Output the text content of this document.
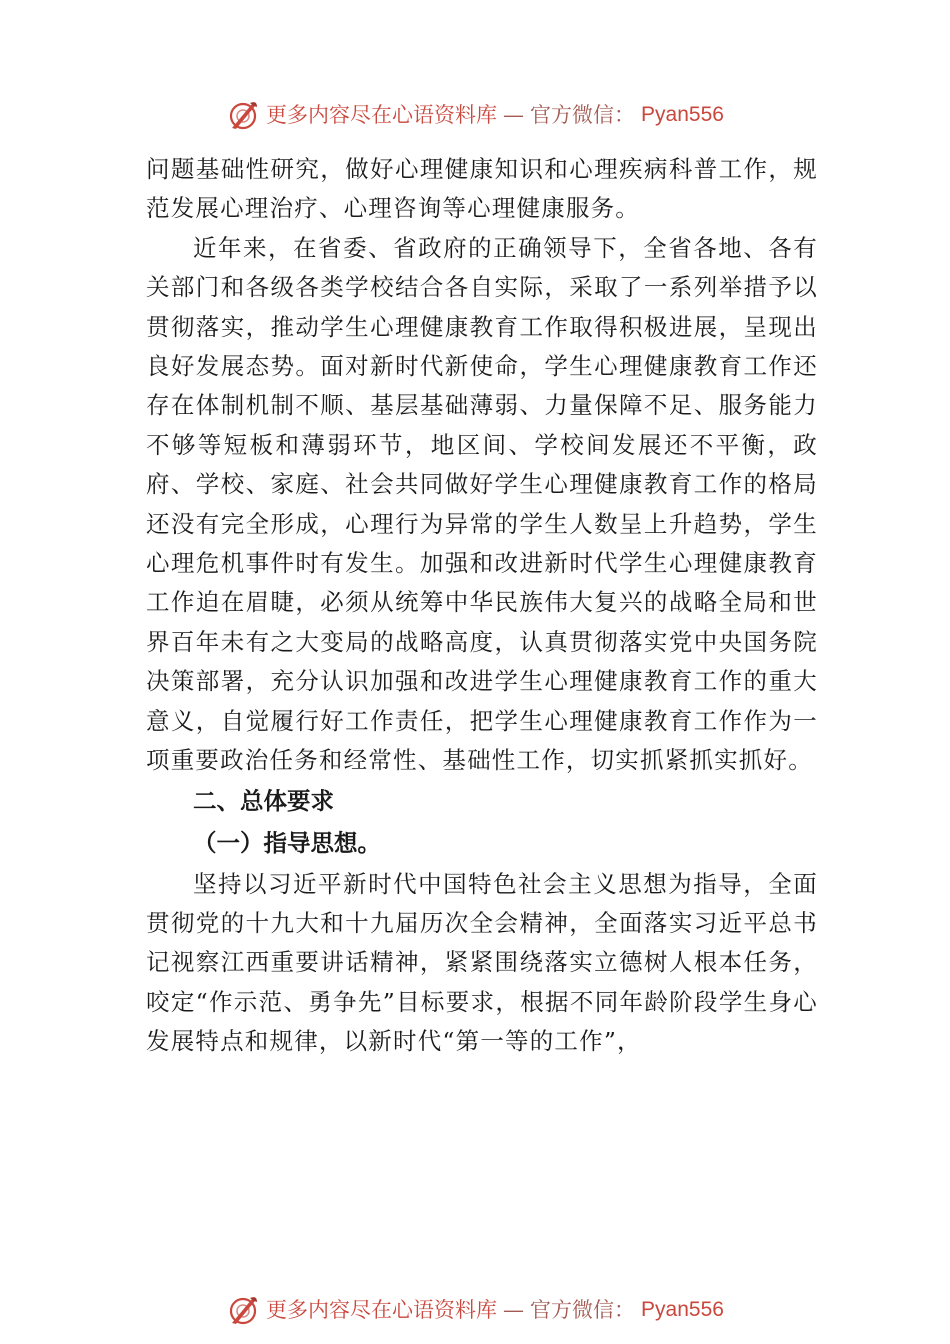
更多内容尽在心语资料库 — 官方微信： Pyan556

问题基础性研究，做好心理健康知识和心理疾病科普工作，规范发展心理治疗、心理咨询等心理健康服务。

近年来，在省委、省政府的正确领导下，全省各地、各有关部门和各级各类学校结合各自实际，采取了一系列举措予以贯彻落实，推动学生心理健康教育工作取得积极进展，呈现出良好发展态势。面对新时代新使命，学生心理健康教育工作还存在体制机制不顺、基层基础薄弱、力量保障不足、服务能力不够等短板和薄弱环节，地区间、学校间发展还不平衡，政府、学校、家庭、社会共同做好学生心理健康教育工作的格局还没有完全形成，心理行为异常的学生人数呈上升趋势，学生心理危机事件时有发生。加强和改进新时代学生心理健康教育工作迫在眉睫，必须从统筹中华民族伟大复兴的战略全局和世界百年未有之大变局的战略高度，认真贯彻落实党中央国务院决策部署，充分认识加强和改进学生心理健康教育工作的重大意义，自觉履行好工作责任，把学生心理健康教育工作作为一项重要政治任务和经常性、基础性工作，切实抓紧抓实抓好。

二、总体要求

（一）指导思想。

坚持以习近平新时代中国特色社会主义思想为指导，全面贯彻党的十九大和十九届历次全会精神，全面落实习近平总书记视察江西重要讲话精神，紧紧围绕落实立德树人根本任务，咬定“作示范、勇争先”目标要求，根据不同年龄阶段学生身心发展特点和规律，以新时代“第一等的工作”，

更多内容尽在心语资料库 — 官方微信： Pyan556
